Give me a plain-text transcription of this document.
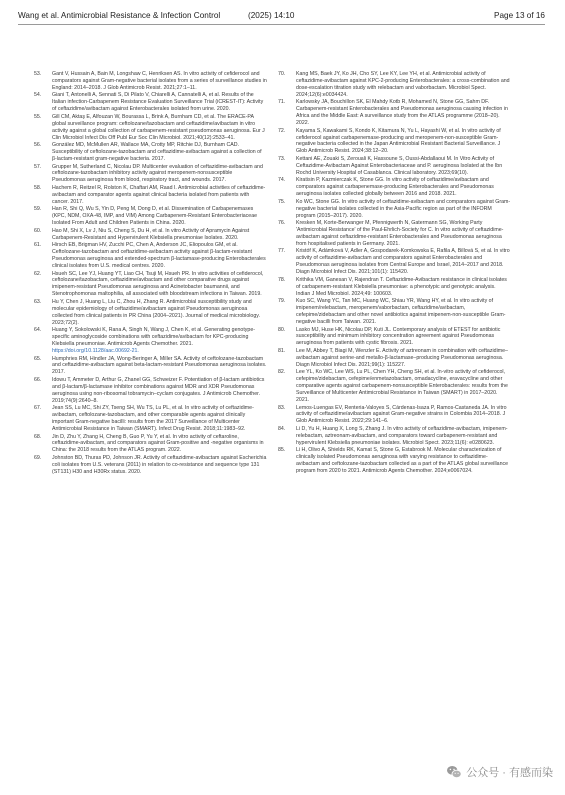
Wang et al. Antimicrobial Resistance & Infection Control	(2025) 14:10	Page 13 of 16
53. Gant V, Hussain A, Bain M, Longshaw C, Henriksen AS. In vitro activity of cefiderocol and comparators against Gram-negative bacterial isolates from a series of surveillance studies in England: 2014–2018. J Glob Antimicrob Resist. 2021;27:1–11.
54. Giani T, Antonelli A, Sennati S, Di Pilato V, Chiarelli A, Cannatelli A, et al. Results of the Italian infection-Carbapenem Resistance Evaluation Surveillance Trial (iCREST-IT): Activity of ceftazidime/avibactam against Enterobacterales isolated from urine. 2020.
55. Gill CM, Aktaş E, Alfouzan W, Bourassa L, Brink A, Burnham CD, et al. The ERACE-PA global surveillance program: ceftolozane/tazobactam and ceftazidime/avibactam in vitro activity against a global collection of carbapenem-resistant pseudomonas aeruginosa. Eur J Clin Microbiol Infect Dis Off Publ Eur Soc Clin Microbiol. 2021;40(12):2533–41.
56. González MD, McMullen AR, Wallace MA, Crotty MP, Ritchie DJ, Burnham CAD. Susceptibility of ceftolozane-tazobactam and ceftazidime-avibactam against a collection of β-lactam-resistant gram-negative bacteria. 2017.
57. Grupper M, Sutherland C, Nicolau DP. Multicenter evaluation of ceftazidime-avibactam and ceftolozane-tazobactam inhibitory activity against meropenem-nonsusceptible Pseudomonas aeruginosa from blood, respiratory tract, and wounds. 2017.
58. Hachem R, Reitzel R, Rolston K, Chaftari AM, Raad I. Antimicrobial activities of ceftazidime-avibactam and comparator agents against clinical bacteria isolated from patients with cancer. 2017.
59. Han R, Shi Q, Wu S, Yin D, Peng M, Dong D, et al. Dissemination of Carbapenemases (KPC, NDM, OXA-48, IMP, and VIM) Among Carbapenem-Resistant Enterobacteriaceae Isolated From Adult and Children Patients in China. 2020.
60. Hao M, Shi X, Lv J, Niu S, Cheng S, Du H, et al. In vitro Activity of Apramycin Against Carbapenem-Resistant and Hypervirulent Klebsiella pneumoniae Isolates. 2020.
61. Hirsch EB, Brigman HV, Zucchi PC, Chen A, Anderson JC, Eliopoulos GM, et al. Ceftolozane-tazobactam and ceftazidime-avibactam activity against β-lactam-resistant Pseudomonas aeruginosa and extended-spectrum β-lactamase-producing Enterobacterales clinical isolates from U.S. medical centres. 2020.
62. Hsueh SC, Lee YJ, Huang YT, Liao CH, Tsuji M, Hsueh PR. In vitro activities of cefiderocol, ceftolozane/tazobactam, ceftazidime/avibactam and other comparative drugs against imipenem-resistant Pseudomonas aeruginosa and Acinetobacter baumannii, and Stenotrophomonas maltophilia, all associated with bloodstream infections in Taiwan. 2019.
63. Hu Y, Chen J, Huang L, Liu C, Zhou H, Zhang R. Antimicrobial susceptibility study and molecular epidemiology of ceftazidime/avibactam against Pseudomonas aeruginosa collected from clinical patients in PR China (2004–2021). Journal of medical microbiology. 2023;72(2).
64. Huang Y, Sokolowski K, Rana A, Singh N, Wang J, Chen K, et al. Generating genotype-specific aminoglycoside combinations with ceftazidime/avibactam for KPC-producing Klebsiella pneumoniae. Antimicrob Agents Chemother. 2021. https://doi.org/10.1128/aac.00692-21.
65. Humphries RM, Hindler JA, Wong-Beringer A, Miller SA. Activity of ceftolozane-tazobactam and ceftazidime-avibactam against beta-lactam-resistant Pseudomonas aeruginosa isolates. 2017.
66. Idowu T, Ammeter D, Arthur G, Zhanel GG, Schweizer F. Potentiation of β-lactam antibiotics and β-lactam/β-lactamase inhibitor combinations against MDR and XDR Pseudomonas aeruginosa using non-ribosomal tobramycin–cyclam conjugates. J Antimicrob Chemother. 2019;74(9):2640–8.
67. Jean SS, Lu MC, Shi ZY, Tseng SH, Wu TS, Lu PL, et al. In vitro activity of ceftazidime-avibactam, ceftolozane-tazobactam, and other comparable agents against clinically important Gram-negative bacilli: results from the 2017 Surveillance of Multicenter Antimicrobial Resistance in Taiwan (SMART). Infect Drug Resist. 2018;11:1983–92.
68. Jin D, Zhu Y, Zhang H, Cheng B, Guo P, Yu Y, et al. In vitro activity of ceftaroline, ceftazidime-avibactam, and comparators against Gram-positive and -negative organisms in China: the 2018 results from the ATLAS program. 2022.
69. Johnston BD, Thuras PD, Johnson JR. Activity of ceftazidime-avibactam against Escherichia coli isolates from U.S. veterans (2011) in relation to co-resistance and sequence type 131 (ST131) H30 and H30Rx status. 2020.
70. Kang MS, Baek JY, Ko JH, Cho SY, Lee KY, Lee YH, et al. Antimicrobial activity of ceftazidime-avibactam against KPC-2-producing Enterobacterales: a cross-combination and dose-escalation titration study with relebactam and vaborbactam. Microbiol Spect. 2024;12(6):e0034424.
71. Karlowsky JA, Bouchillon SK, El Mahdy Kotb R, Mohamed N, Stone GG, Sahm DF. Carbapenem-resistant Enterobacterales and Pseudomonas aeruginosa causing infection in Africa and the Middle East: A surveillance study from the ATLAS programme (2018–20). 2022.
72. Kayama S, Kawakami S, Kondo K, Kitamura N, Yu L, Hayashi W, et al. In vitro activity of cefiderocol against carbapenemase-producing and meropenem-non-susceptible Gram-negative bacteria collected in the Japan Antimicrobial Resistant Bacterial Surveillance. J Glob Antimicrob Resist. 2024;38:12–20.
73. Kettani AE, Zouaki S, Zerouali K, Hassoune S, Oussi-Abdallaoui M. In Vitro Activity of Ceftazidime-Avibactam Against Enterobacteriaceae and P. aeruginosa Isolated at the Ibn Rochd University Hospital of Casablanca. Clinical laboratory. 2023;69(10).
74. Kiratisin P, Kazmierczak K, Stone GG. In vitro activity of ceftazidime/avibactam and comparators against carbapenemase-producing Enterobacterales and Pseudomonas aeruginosa isolates collected globally between 2016 and 2018. 2021.
75. Ko WC, Stone GG. In vitro activity of ceftazidime-avibactam and comparators against Gram-negative bacterial isolates collected in the Asia-Pacific region as part of the INFORM program (2015–2017). 2020.
76. Kresken M, Korte-Berwanger M, Pfennigwerth N, Gatermann SG, Working Party 'Antimicrobial Resistance' of the Paul-Ehrlich-Society for C. In vitro activity of ceftazidime-avibactam against ceftazidime-resistant Enterobacterales and Pseudomonas aeruginosa from hospitalised patients in Germany. 2021.
77. Kristóf K, Adámková V, Adler A, Gospodarek-Komkowska E, Rafila A, Billová S, et al. In vitro activity of ceftazidime-avibactam and comparators against Enterobacterales and Pseudomonas aeruginosa isolates from Central Europe and Israel, 2014–2017 and 2018. Diagn Microbiol Infect Dis. 2021;101(1): 115420.
78. Krithika VM, Ganesan V, Rajendran T. Ceftazidime-Avibactam resistance in clinical isolates of carbapenem-resistant Klebsiella pneumoniae: a phenotypic and genotypic analysis. Indian J Med Microbiol. 2024;49: 100603.
79. Kuo SC, Wang YC, Tan MC, Huang WC, Shiau YR, Wang HY, et al. In vitro activity of imipenem/relebactam, meropenem/vaborbactam, ceftazidime/avibactam, cefepime/zidebactam and other novel antibiotics against imipenem-non-susceptible Gram-negative bacilli from Taiwan. 2021.
80. Lasko MJ, Huse HK, Nicolau DP, Kuti JL. Contemporary analysis of ETEST for antibiotic susceptibility and minimum inhibitory concentration agreement against Pseudomonas aeruginosa from patients with cystic fibrosis. 2021.
81. Lee M, Abbey T, Biagi M, Wenzler E. Activity of aztreonam in combination with ceftazidime–avibactam against serine-and metallo-β-lactamase–producing Pseudomonas aeruginosa. Diagn Microbiol Infect Dis. 2021;99(1): 115227.
82. Lee YL, Ko WC, Lee WS, Lu PL, Chen YH, Cheng SH, et al. In-vitro activity of cefiderocol, cefepime/zidebactam, cefepime/enmetazobactam, omadacycline, eravacycline and other comparative agents against carbapenem-nonsusceptible Enterobacterales: results from the Surveillance of Multicenter Antimicrobial Resistance in Taiwan (SMART) in 2017–2020. 2021.
83. Lemos-Luengas EV, Renteria-Valoyes S, Cárdenas-Isaza P, Ramos-Castaneda JA. In vitro activity of ceftazidime/avibactam against Gram-negative strains in Colombia 2014–2018. J Glob Antimicrob Resist. 2022;29:141–6.
84. Li D, Yu H, Huang X, Long S, Zhang J. In vitro activity of ceftazidime-avibactam, imipenem-relebactam, aztreonam-avibactam, and comparators toward carbapenem-resistant and hypervirulent Klebsiella pneumoniae isolates. Microbiol Spect. 2023;11(6): e0280623.
85. Li H, Olivo A, Shields RK, Kamat S, Stone G, Estabrook M. Molecular characterization of clinically isolated Pseudomonas aeruginosa with varying resistance to ceftazidime-avibactam and ceftolozane-tazobactam collected as a part of the ATLAS global surveillance program from 2020 to 2021. Antimicrob Agents Chemother. 2024;e0067024.
公众号 · 有感而染
